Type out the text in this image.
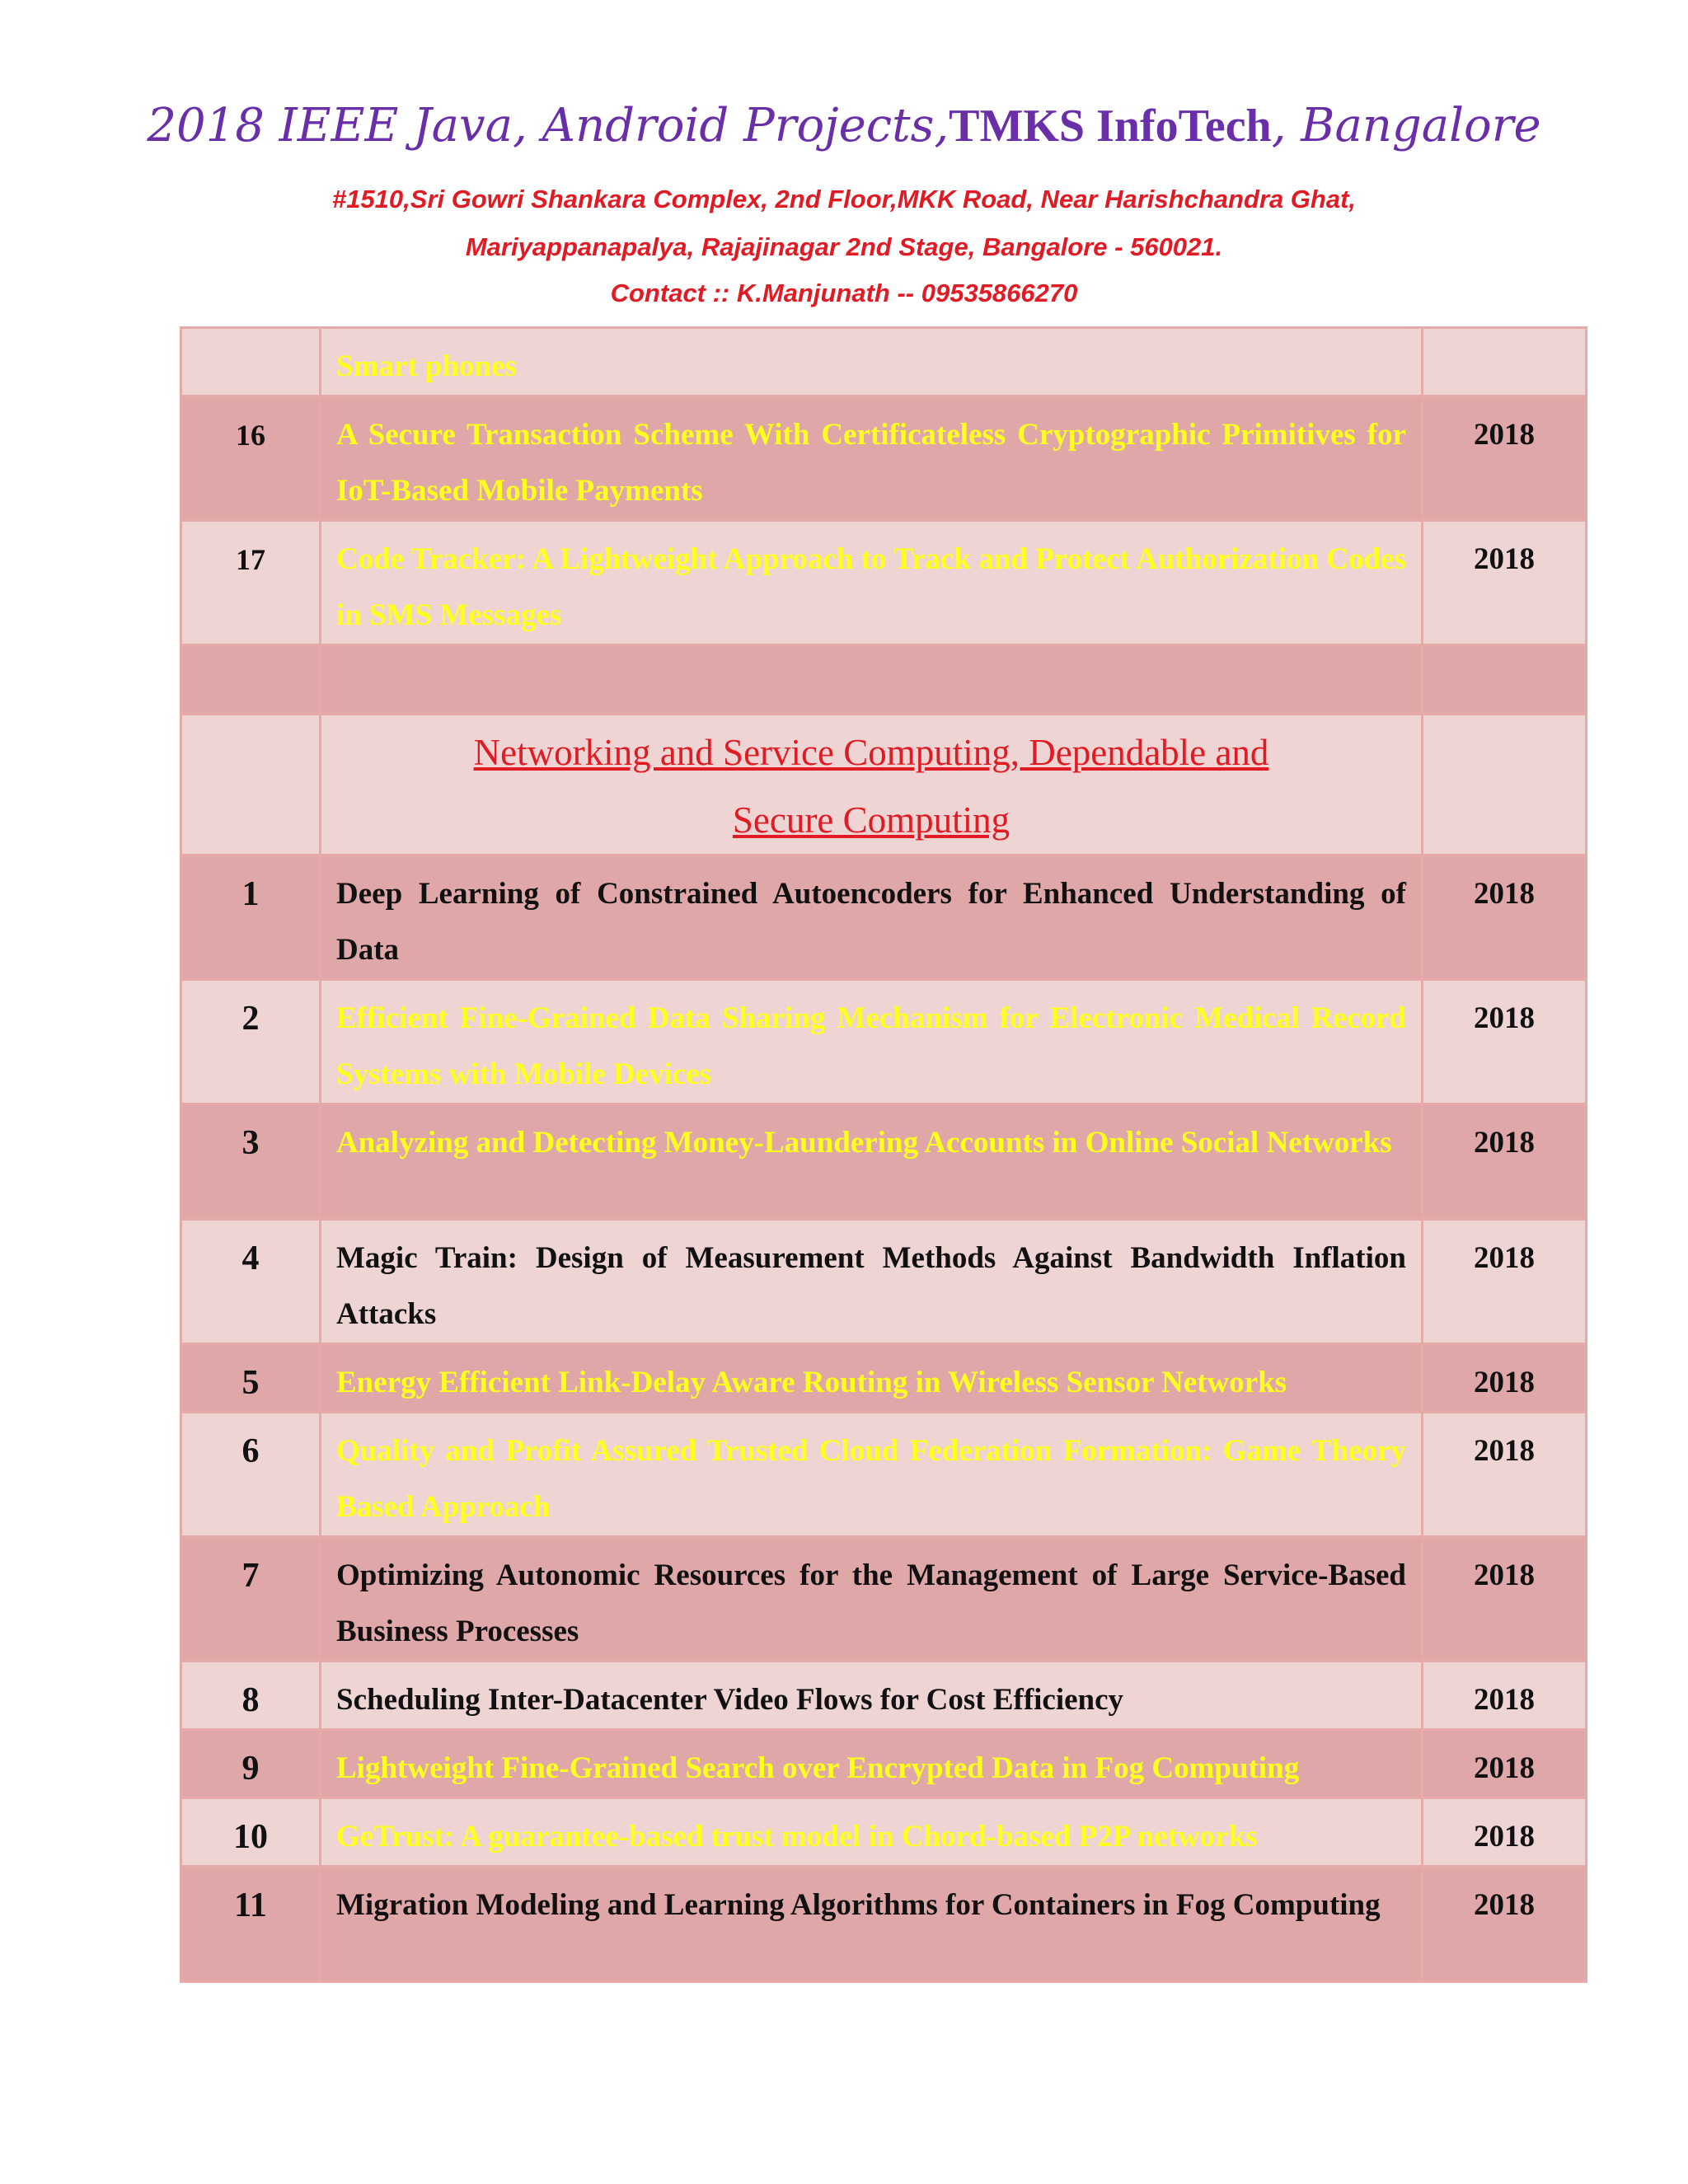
2018 IEEE Java, Android Projects,TMKS InfoTech, Bangalore
#1510,Sri Gowri Shankara Complex, 2nd Floor,MKK Road, Near Harishchandra Ghat,
Mariyappanapalya, Rajajinagar 2nd Stage, Bangalore - 560021.
Contact :: K.Manjunath -- 09535866270

	Smart phones	

16	A Secure Transaction Scheme With Certificateless Cryptographic Primitives for IoT-Based Mobile Payments	2018

17	Code Tracker: A Lightweight Approach to Track and Protect Authorization Codes in SMS Messages	2018

	Networking and Service Computing, Dependable and
Secure Computing	

1	Deep Learning of Constrained Autoencoders for Enhanced Understanding of Data	2018

2	Efficient Fine-Grained Data Sharing Mechanism for Electronic Medical Record Systems with Mobile Devices	2018

3	Analyzing and Detecting Money-Laundering Accounts in Online Social Networks	2018

4	Magic Train: Design of Measurement Methods Against Bandwidth Inflation Attacks	2018

5	Energy Efficient Link-Delay Aware Routing in Wireless Sensor Networks	2018

6	Quality and Profit Assured Trusted Cloud Federation Formation: Game Theory Based Approach	2018

7	Optimizing Autonomic Resources for the Management of Large Service-Based Business Processes	2018

8	Scheduling Inter-Datacenter Video Flows for Cost Efficiency	2018

9	Lightweight Fine-Grained Search over Encrypted Data in Fog Computing	2018

10	GeTrust: A guarantee-based trust model in Chord-based P2P networks	2018

11	Migration Modeling and Learning Algorithms for Containers in Fog Computing	2018
